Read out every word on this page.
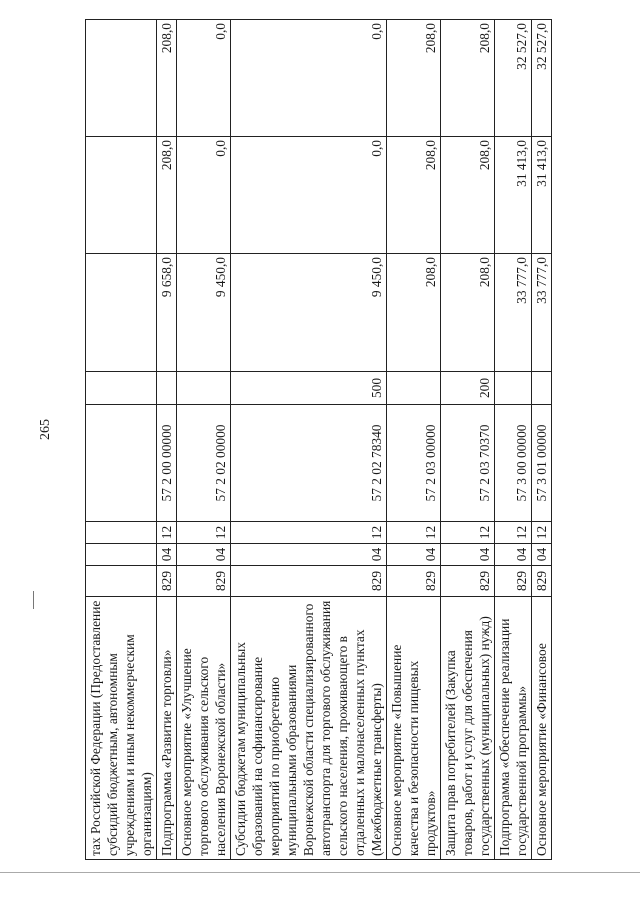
265
тах Российской Федерации (Предоставление субсидий бюджетным, автономным учреждениям и иным некоммерческим организациям)								
Подпрограмма «Развитие торговли»	829	04	12	57 2 00 00000		9 658,0	208,0	208,0
Основное мероприятие «Улучшение торгового обслуживания сельского населения Воронежской области»	829	04	12	57 2 02 00000		9 450,0	0,0	0,0
Субсидии бюджетам муниципальных образований на софинансирование мероприятий по приобретению муниципальными образованиями Воронежской области специализированного автотранспорта для торгового обслуживания сельского населения, проживающего в отдаленных и малонаселенных пунктах (Межбюджетные трансферты)	829	04	12	57 2 02 78340	500	9 450,0	0,0	0,0
Основное мероприятие «Повышение качества и безопасности пищевых продуктов»	829	04	12	57 2 03 00000		208,0	208,0	208,0
Защита прав потребителей (Закупка товаров, работ и услуг для обеспечения государственных (муниципальных) нужд)	829	04	12	57 2 03 70370	200	208,0	208,0	208,0
Подпрограмма «Обеспечение реализации государственной программы»	829	04	12	57 3 00 00000		33 777,0	31 413,0	32 527,0
Основное мероприятие «Финансовое	829	04	12	57 3 01 00000		33 777,0	31 413,0	32 527,0
